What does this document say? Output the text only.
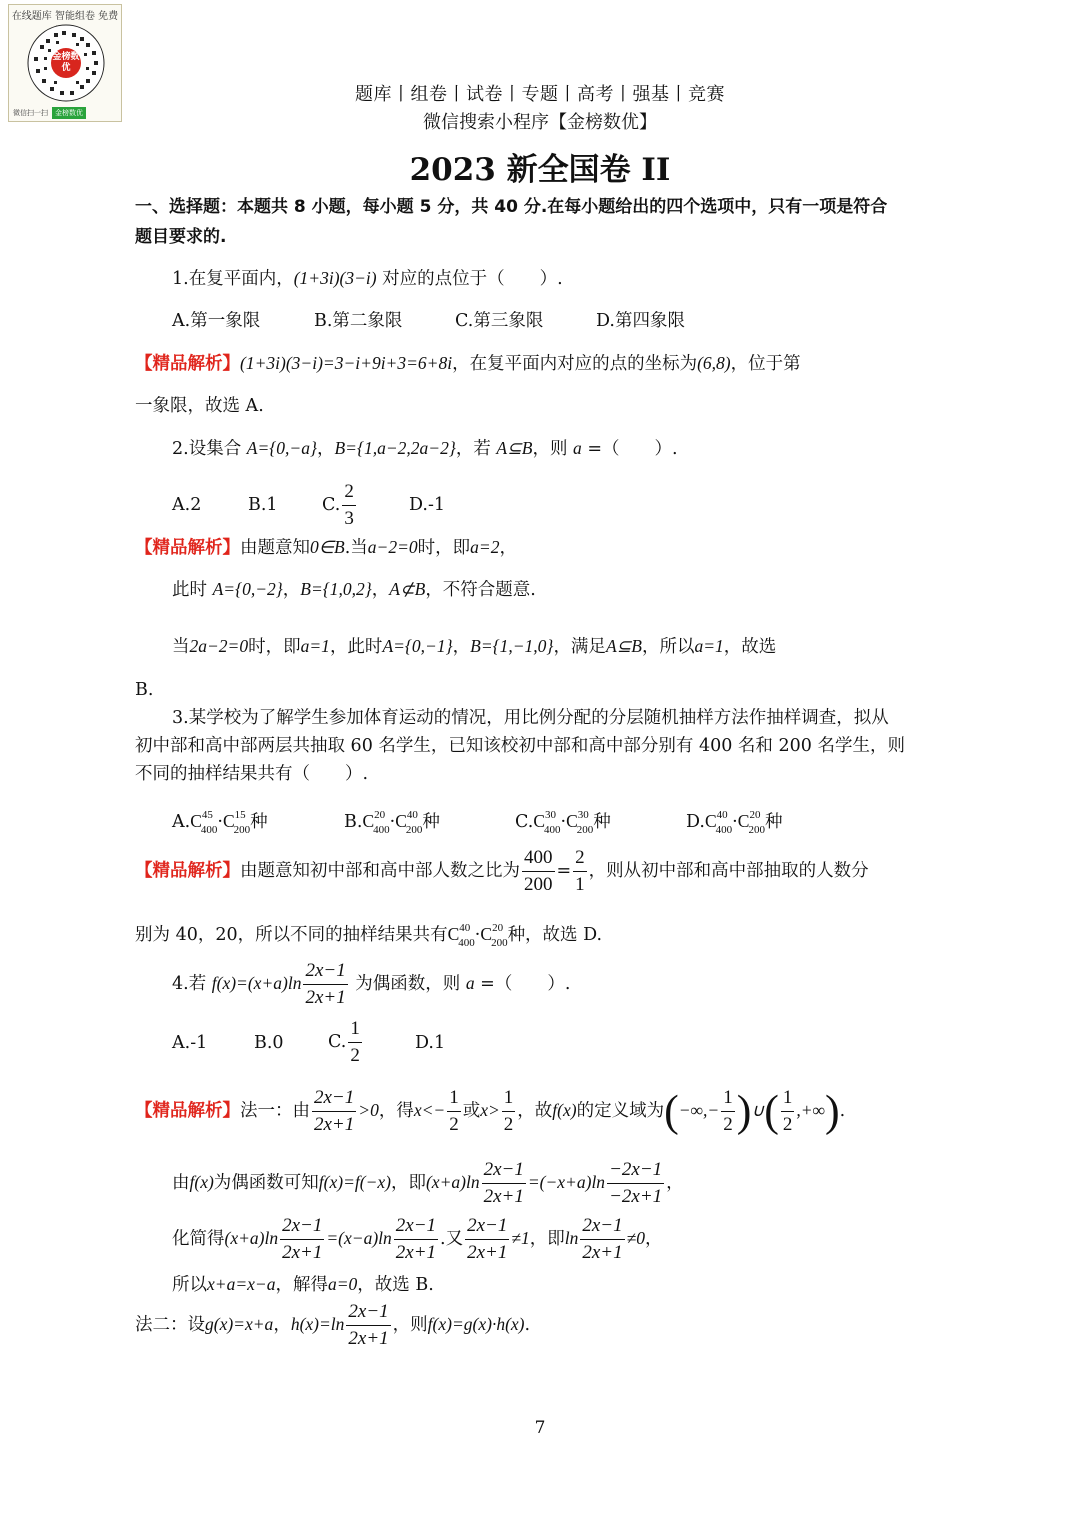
在线题库 智能组卷 免费
金榜数优
微信扫一扫 金榜数优
题库丨组卷丨试卷丨专题丨高考丨强基丨竞赛
微信搜索小程序【金榜数优】
2023 新全国卷 II
一、选择题：本题共 8 小题，每小题 5 分，共 40 分.在每小题给出的四个选项中，只有一项是符合
题目要求的.
1.在复平面内，(1+3i)(3−i) 对应的点位于（　　）.
A.第一象限	B.第二象限	C.第三象限	D.第四象限
【精品解析】(1+3i)(3−i)=3−i+9i+3=6+8i，在复平面内对应的点的坐标为(6,8)，位于第
一象限，故选 A.
2.设集合 A={0,−a}，B={1,a−2,2a−2}，若 A⊆B，则 a =（　　）.
A.2	B.1	C. $\frac{2}{3}$	D.-1
【精品解析】由题意知0∈B.当a−2=0时，即a=2，
此时 A={0,−2}，B={1,0,2}，A⊄B，不符合题意.
当2a−2=0时，即a=1，此时A={0,−1}，B={1,−1,0}，满足A⊆B，所以a=1，故选
B.
3.某学校为了解学生参加体育运动的情况，用比例分配的分层随机抽样方法作抽样调查，拟从
初中部和高中部两层共抽取 60 名学生，已知该校初中部和高中部分别有 400 名和 200 名学生，则
不同的抽样结果共有（　　）.
$A.C^{45}_{400}\cdot C^{15}_{200}$种	$B.C^{20}_{400}\cdot C^{40}_{200}$种	$C.C^{30}_{400}\cdot C^{30}_{200}$种	$D.C^{40}_{400}\cdot C^{20}_{200}$种
【精品解析】由题意知初中部和高中部人数之比为 $\frac{400}{200} = \frac{2}{1}$ ，则从初中部和高中部抽取的人数分
别为 40，20，所以不同的抽样结果共有$C^{40}_{400}\cdot C^{20}_{200}$种，故选 D.
4.若 $f(x)=(x+a)\ln \frac{2x-1}{2x+1}$ 为偶函数，则 a =（　　）.
A.-1	B.0	C. $\frac{1}{2}$	D.1
【精品解析】法一：由 $\frac{2x-1}{2x+1} >0$，得$x<- \frac{1}{2}$ 或$x> \frac{1}{2}$ ，故f(x)的定义域为(−∞,− $\frac{1}{2}$ )∪( $\frac{1}{2}$ ,+∞).
由f(x)为偶函数可知f(x)=f(−x)，即$(x+a)\ln \frac{2x-1}{2x+1} =(-x+a)\ln \frac{-2x-1}{-2x+1}$ ，
化简得$(x+a)\ln \frac{2x-1}{2x+1} =(x-a)\ln \frac{2x-1}{2x+1}$ .又 $\frac{2x-1}{2x+1} \ne 1$，即$\ln \frac{2x-1}{2x+1} \ne 0$，
所以x+a=x−a，解得a=0，故选 B.
法二：设g(x)=x+a，$h(x)=\ln \frac{2x-1}{2x+1}$ ，则f(x)=g(x)·h(x).
7
